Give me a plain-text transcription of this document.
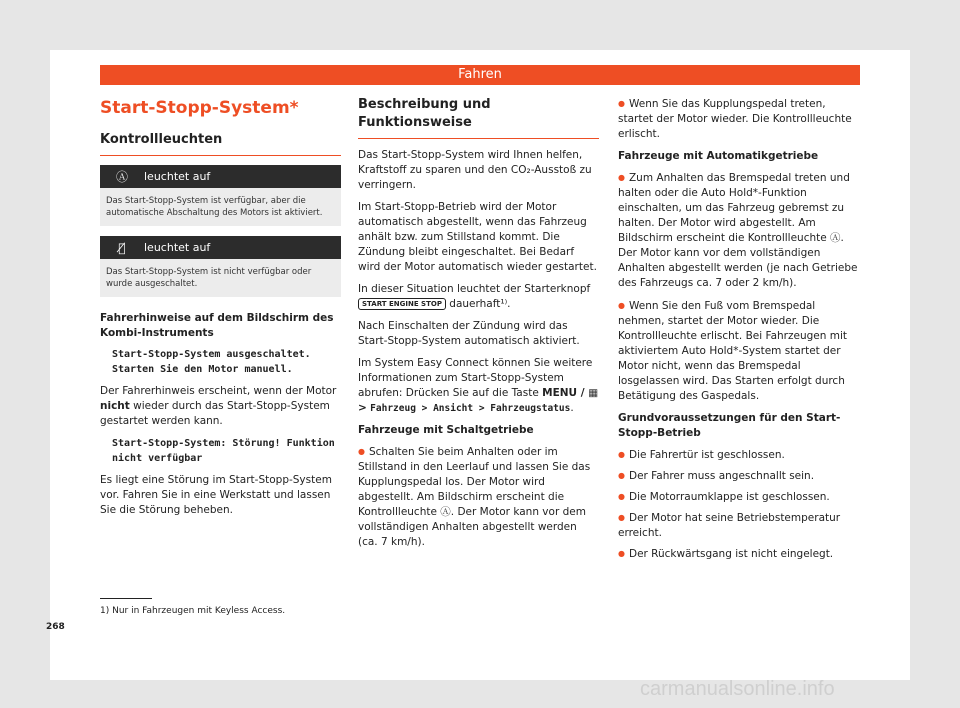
Fahren
Start-Stopp-System*
Kontrollleuchten
Ⓐ	leuchtet auf
Das Start-Stopp-System ist verfügbar, aber die automatische Abschaltung des Motors ist aktiviert.
Ⓐ̸	leuchtet auf
Das Start-Stopp-System ist nicht verfügbar oder wurde ausgeschaltet.
Fahrerhinweise auf dem Bildschirm des Kombi-Instruments
Start-Stopp-System ausgeschaltet. Starten Sie den Motor manuell.

Der Fahrerhinweis erscheint, wenn der Motor nicht wieder durch das Start-Stopp-System gestartet werden kann.

Start-Stopp-System: Störung! Funktion nicht verfügbar

Es liegt eine Störung im Start-Stopp-System vor. Fahren Sie in eine Werkstatt und lassen Sie die Störung beheben.

Beschreibung und Funktionsweise

Das Start-Stopp-System wird Ihnen helfen, Kraftstoff zu sparen und den CO₂-Ausstoß zu verringern.

Im Start-Stopp-Betrieb wird der Motor automatisch abgestellt, wenn das Fahrzeug anhält bzw. zum Stillstand kommt. Die Zündung bleibt eingeschaltet. Bei Bedarf wird der Motor automatisch wieder gestartet.

In dieser Situation leuchtet der Starterknopf START ENGINE STOP dauerhaft¹⁾.

Nach Einschalten der Zündung wird das Start-Stopp-System automatisch aktiviert.

Im System Easy Connect können Sie weitere Informationen zum Start-Stopp-System abrufen: Drücken Sie auf die Taste MENU / ▦ > Fahrzeug > Ansicht > Fahrzeugstatus.

Fahrzeuge mit Schaltgetriebe

● Schalten Sie beim Anhalten oder im Stillstand in den Leerlauf und lassen Sie das Kupplungspedal los. Der Motor wird abgestellt. Am Bildschirm erscheint die Kontrollleuchte Ⓐ. Der Motor kann vor dem vollständigen Anhalten abgestellt werden (ca. 7 km/h).

● Wenn Sie das Kupplungspedal treten, startet der Motor wieder. Die Kontrollleuchte erlischt.

Fahrzeuge mit Automatikgetriebe

● Zum Anhalten das Bremspedal treten und halten oder die Auto Hold*-Funktion einschalten, um das Fahrzeug gebremst zu halten. Der Motor wird abgestellt. Am Bildschirm erscheint die Kontrollleuchte Ⓐ. Der Motor kann vor dem vollständigen Anhalten abgestellt werden (je nach Getriebe des Fahrzeugs ca. 7 oder 2 km/h).

● Wenn Sie den Fuß vom Bremspedal nehmen, startet der Motor wieder. Die Kontrollleuchte erlischt. Bei Fahrzeugen mit aktiviertem Auto Hold*-System startet der Motor nicht, wenn das Bremspedal losgelassen wird. Das Starten erfolgt durch Betätigung des Gaspedals.

Grundvoraussetzungen für den Start-Stopp-Betrieb

● Die Fahrertür ist geschlossen.

● Der Fahrer muss angeschnallt sein.

● Die Motorraumklappe ist geschlossen.

● Der Motor hat seine Betriebstemperatur erreicht.

● Der Rückwärtsgang ist nicht eingelegt.

1) Nur in Fahrzeugen mit Keyless Access.
268
carmanualsonline.info
